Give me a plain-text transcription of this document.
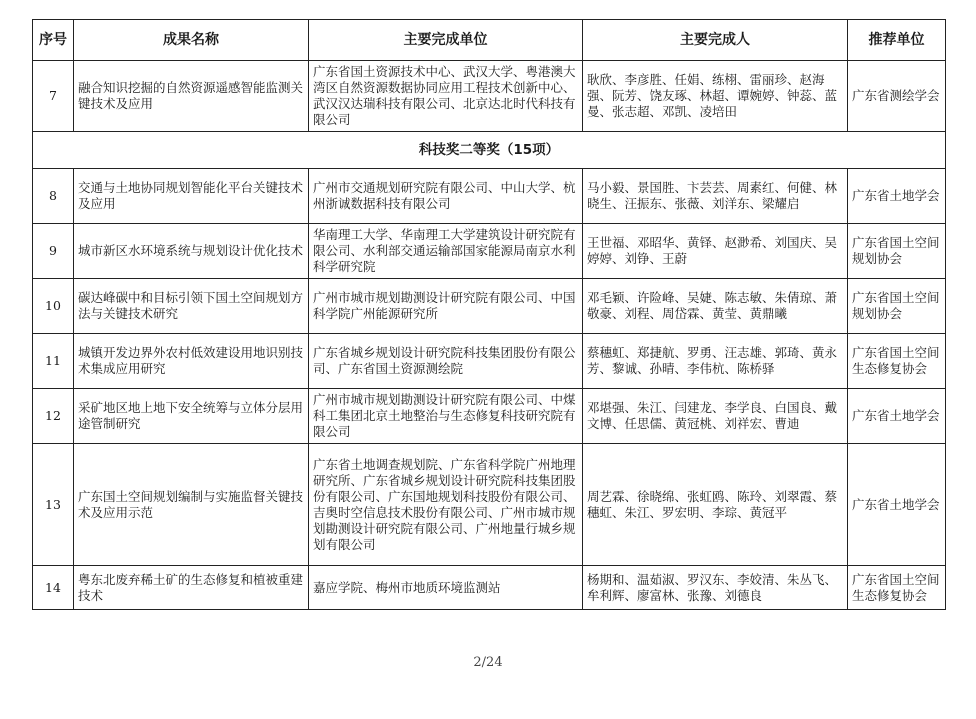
序号	成果名称	主要完成单位	主要完成人	推荐单位
7	融合知识挖掘的自然资源遥感智能监测关键技术及应用	广东省国土资源技术中心、武汉大学、粤港澳大湾区自然资源数据协同应用工程技术创新中心、武汉汉达瑞科技有限公司、北京达北时代科技有限公司	耿欣、李彦胜、任娟、练栩、雷丽珍、赵海强、阮芳、饶友琢、林超、谭婉婷、钟蕊、蓝曼、张志超、邓凯、凌培田	广东省测绘学会
科技奖二等奖（15项）				
8	交通与土地协同规划智能化平台关键技术及应用	广州市交通规划研究院有限公司、中山大学、杭州浙诚数据科技有限公司	马小毅、景国胜、卞芸芸、周素红、何健、林晓生、汪振东、张薇、刘洋东、梁耀启	广东省土地学会
9	城市新区水环境系统与规划设计优化技术	华南理工大学、华南理工大学建筑设计研究院有限公司、水利部交通运输部国家能源局南京水利科学研究院	王世福、邓昭华、黄铎、赵渺希、刘国庆、吴婷婷、刘铮、王蔚	广东省国土空间规划协会
10	碳达峰碳中和目标引领下国土空间规划方法与关键技术研究	广州市城市规划勘测设计研究院有限公司、中国科学院广州能源研究所	邓毛颖、许险峰、吴婕、陈志敏、朱倩琼、萧敬豪、刘程、周岱霖、黄莹、黄鼎曦	广东省国土空间规划协会
11	城镇开发边界外农村低效建设用地识别技术集成应用研究	广东省城乡规划设计研究院科技集团股份有限公司、广东省国土资源测绘院	蔡穗虹、郑捷航、罗勇、汪志雄、郭琦、黄永芳、黎诚、孙晴、李伟杭、陈桥驿	广东省国土空间生态修复协会
12	采矿地区地上地下安全统筹与立体分层用途管制研究	广州市城市规划勘测设计研究院有限公司、中煤科工集团北京土地整治与生态修复科技研究院有限公司	邓堪强、朱江、闫建龙、李学良、白国良、戴文博、任思儒、黄冠桃、刘祥宏、曹迪	广东省土地学会
13	广东国土空间规划编制与实施监督关键技术及应用示范	广东省土地调查规划院、广东省科学院广州地理研究所、广东省城乡规划设计研究院科技集团股份有限公司、广东国地规划科技股份有限公司、吉奥时空信息技术股份有限公司、广州市城市规划勘测设计研究院有限公司、广州地量行城乡规划有限公司	周艺霖、徐晓绵、张虹鸥、陈玲、刘翠霞、蔡穗虹、朱江、罗宏明、李琮、黄冠平	广东省土地学会
14	粤东北废弃稀土矿的生态修复和植被重建技术	嘉应学院、梅州市地质环境监测站	杨期和、温茹淑、罗汉东、李姣清、朱丛飞、牟利辉、廖富林、张豫、刘德良	广东省国土空间生态修复协会
2/24
